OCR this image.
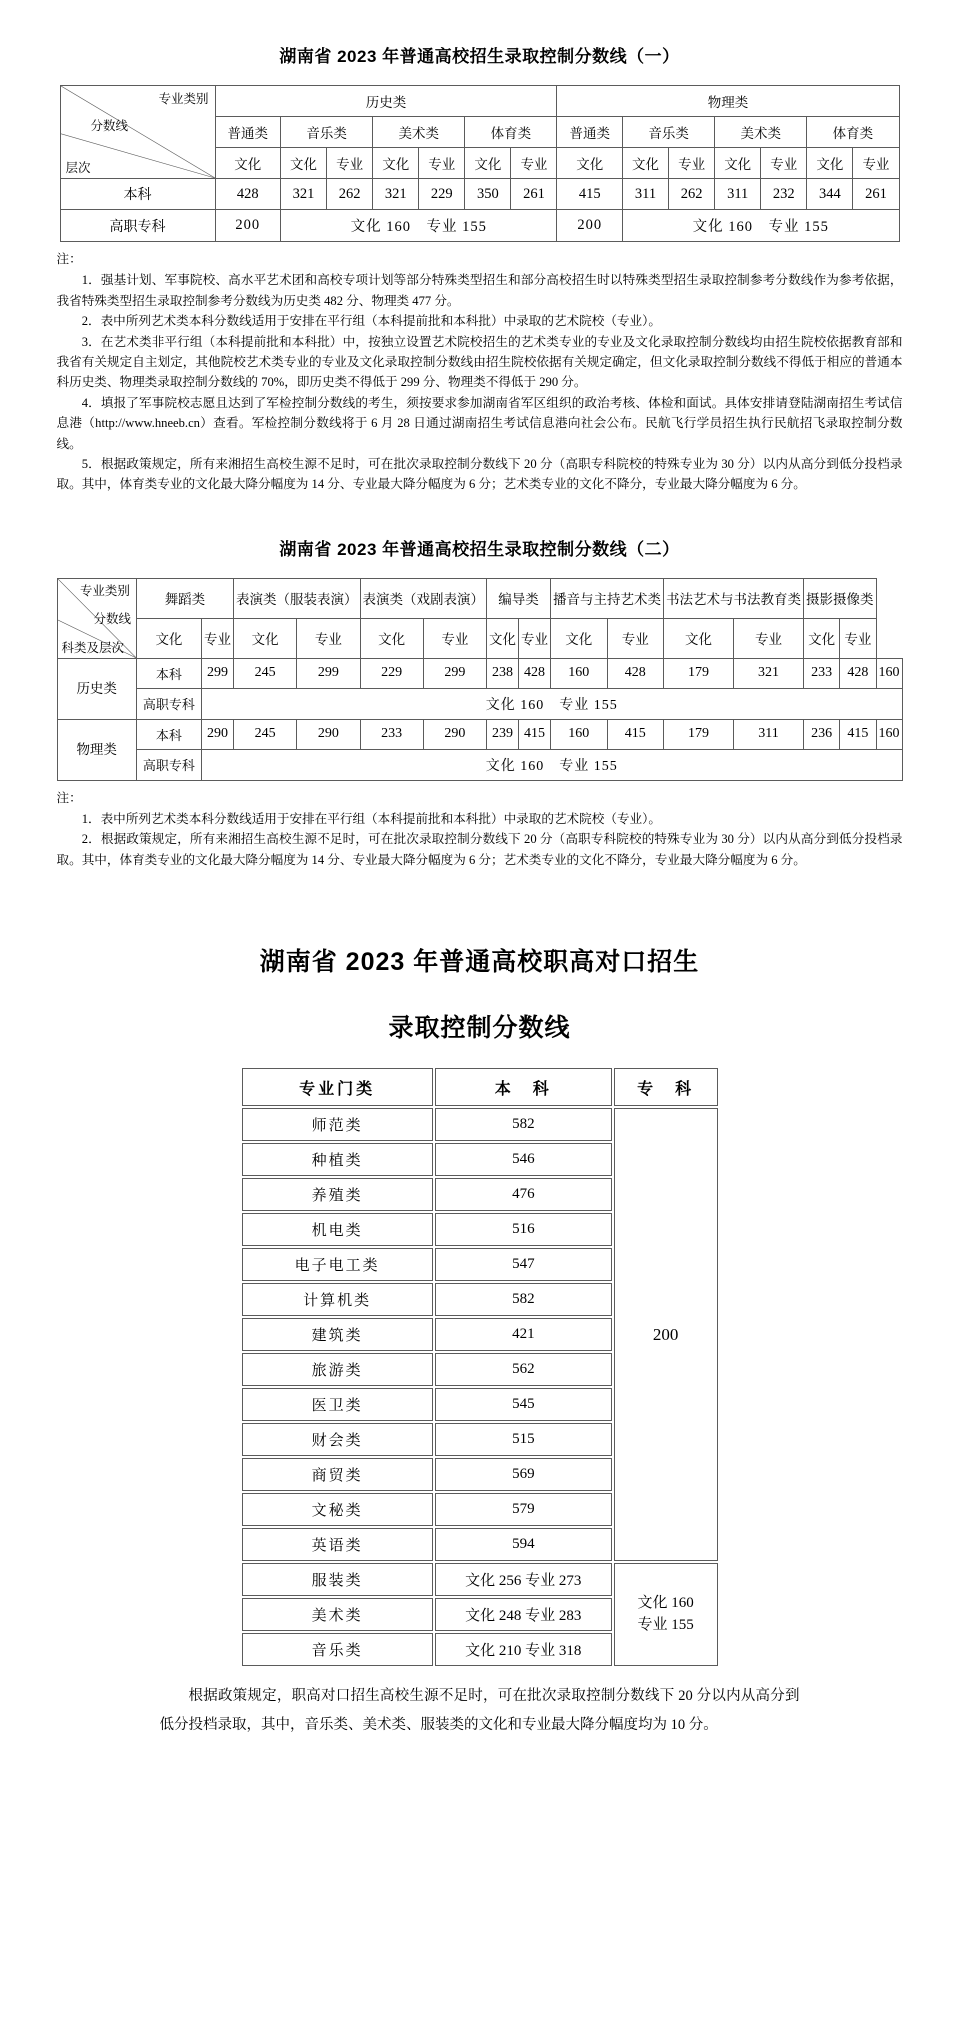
湖南省 2023 年普通高校招生录取控制分数线（一）
专业类别
分数线
层次	历史类							物理类						
	普通类	音乐类		美术类		体育类		普通类	音乐类		美术类		体育类	
	文化	文化	专业	文化	专业	文化	专业	文化	文化	专业	文化	专业	文化	专业
本科	428	321	262	321	229	350	261	415	311	262	311	232	344	261
高职专科	200	文化 160　专业 155						200	文化 160　专业 155					

注：

1．强基计划、军事院校、高水平艺术团和高校专项计划等部分特殊类型招生和部分高校招生时以特殊类型招生录取控制参考分数线作为参考依据，我省特殊类型招生录取控制参考分数线为历史类 482 分、物理类 477 分。

2．表中所列艺术类本科分数线适用于安排在平行组（本科提前批和本科批）中录取的艺术院校（专业）。

3．在艺术类非平行组（本科提前批和本科批）中，按独立设置艺术院校招生的艺术类专业的专业及文化录取控制分数线均由招生院校依据教育部和我省有关规定自主划定，其他院校艺术类专业的专业及文化录取控制分数线由招生院校依据有关规定确定，但文化录取控制分数线不得低于相应的普通本科历史类、物理类录取控制分数线的 70%，即历史类不得低于 299 分、物理类不得低于 290 分。

4．填报了军事院校志愿且达到了军检控制分数线的考生，须按要求参加湖南省军区组织的政治考核、体检和面试。具体安排请登陆湖南招生考试信息港（http://www.hneeb.cn）查看。军检控制分数线将于 6 月 28 日通过湖南招生考试信息港向社会公布。民航飞行学员招生执行民航招飞录取控制分数线。

5．根据政策规定，所有来湘招生高校生源不足时，可在批次录取控制分数线下 20 分（高职专科院校的特殊专业为 30 分）以内从高分到低分投档录取。其中，体育类专业的文化最大降分幅度为 14 分、专业最大降分幅度为 6 分；艺术类专业的文化不降分，专业最大降分幅度为 6 分。

湖南省 2023 年普通高校招生录取控制分数线（二）
专业类别
分数线
科类及层次	舞蹈类		表演类（服装表演）		表演类（戏剧表演）		编导类		播音与主持艺术类		书法艺术与书法教育类		摄影摄像类		
	文化	专业	文化	专业	文化	专业	文化	专业	文化	专业	文化	专业	文化	专业	
历史类	本科	299	245	299	229	299	238	428	160	428	179	321	233	428	160
	高职专科	文化 160　专业 155													
物理类	本科	290	245	290	233	290	239	415	160	415	179	311	236	415	160
	高职专科	文化 160　专业 155													

注：

1．表中所列艺术类本科分数线适用于安排在平行组（本科提前批和本科批）中录取的艺术院校（专业）。

2．根据政策规定，所有来湘招生高校生源不足时，可在批次录取控制分数线下 20 分（高职专科院校的特殊专业为 30 分）以内从高分到低分投档录取。其中，体育类专业的文化最大降分幅度为 14 分、专业最大降分幅度为 6 分；艺术类专业的文化不降分，专业最大降分幅度为 6 分。

湖南省 2023 年普通高校职高对口招生
录取控制分数线
专业门类	本　科	专　科
师范类	582	200
种植类	546	
养殖类	476	
机电类	516	
电子电工类	547	
计算机类	582	
建筑类	421	
旅游类	562	
医卫类	545	
财会类	515	
商贸类	569	
文秘类	579	
英语类	594	
服装类	文化 256 专业 273	文化 160
专业 155

美术类	文化 248 专业 283	
音乐类	文化 210 专业 318	

根据政策规定，职高对口招生高校生源不足时，可在批次录取控制分数线下 20 分以内从高分到低分投档录取，其中，音乐类、美术类、服装类的文化和专业最大降分幅度均为 10 分。
